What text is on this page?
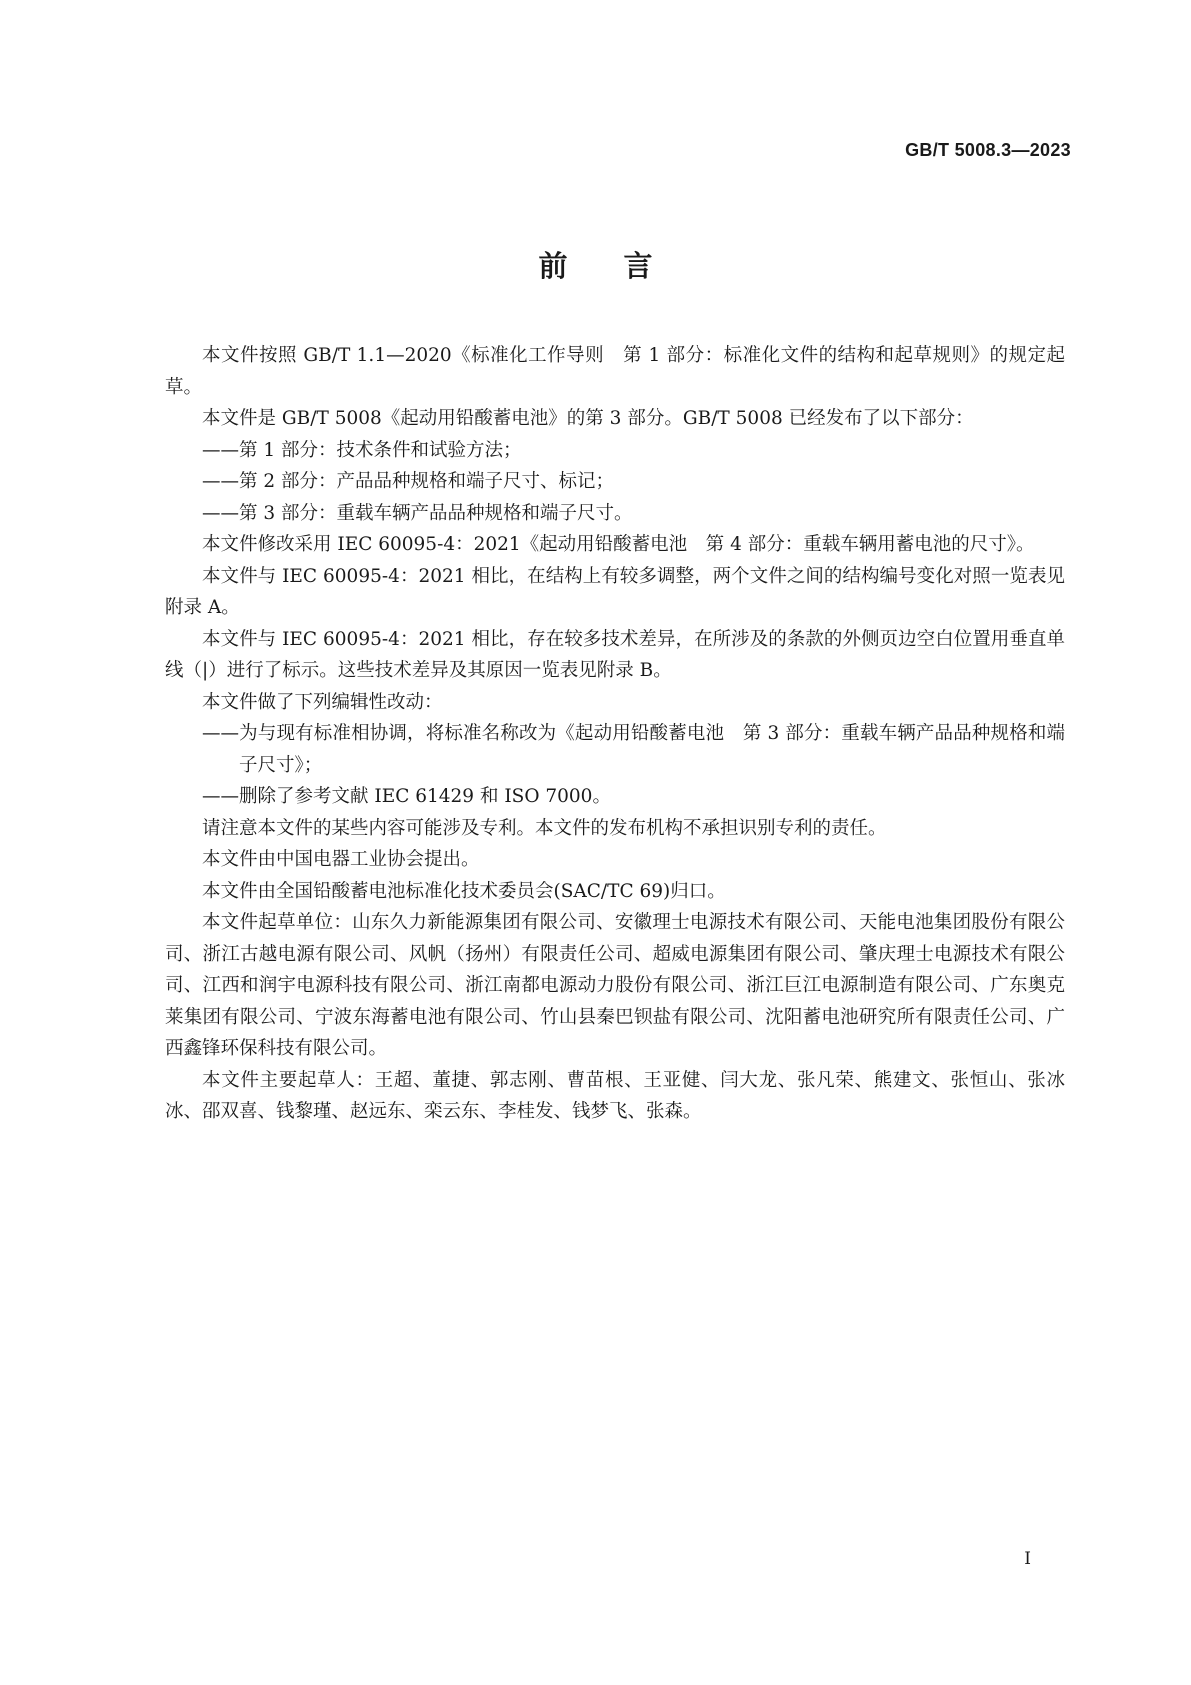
GB/T 5008.3—2023
前言

本文件按照 GB/T 1.1—2020《标准化工作导则　第 1 部分：标准化文件的结构和起草规则》的规定起草。

本文件是 GB/T 5008《起动用铅酸蓄电池》的第 3 部分。GB/T 5008 已经发布了以下部分：

——第 1 部分：技术条件和试验方法；

——第 2 部分：产品品种规格和端子尺寸、标记；

——第 3 部分：重载车辆产品品种规格和端子尺寸。

本文件修改采用 IEC 60095-4：2021《起动用铅酸蓄电池　第 4 部分：重载车辆用蓄电池的尺寸》。

本文件与 IEC 60095-4：2021 相比，在结构上有较多调整，两个文件之间的结构编号变化对照一览表见附录 A。

本文件与 IEC 60095-4：2021 相比，存在较多技术差异，在所涉及的条款的外侧页边空白位置用垂直单线（|）进行了标示。这些技术差异及其原因一览表见附录 B。

本文件做了下列编辑性改动：

——为与现有标准相协调，将标准名称改为《起动用铅酸蓄电池　第 3 部分：重载车辆产品品种规格和端子尺寸》；

——删除了参考文献 IEC 61429 和 ISO 7000。

请注意本文件的某些内容可能涉及专利。本文件的发布机构不承担识别专利的责任。

本文件由中国电器工业协会提出。

本文件由全国铅酸蓄电池标准化技术委员会(SAC/TC 69)归口。

本文件起草单位：山东久力新能源集团有限公司、安徽理士电源技术有限公司、天能电池集团股份有限公司、浙江古越电源有限公司、风帆（扬州）有限责任公司、超威电源集团有限公司、肇庆理士电源技术有限公司、江西和润宇电源科技有限公司、浙江南都电源动力股份有限公司、浙江巨江电源制造有限公司、广东奥克莱集团有限公司、宁波东海蓄电池有限公司、竹山县秦巴钡盐有限公司、沈阳蓄电池研究所有限责任公司、广西鑫锋环保科技有限公司。

本文件主要起草人：王超、董捷、郭志刚、曹苗根、王亚健、闫大龙、张凡荣、熊建文、张恒山、张冰冰、邵双喜、钱黎瑾、赵远东、栾云东、李桂发、钱梦飞、张森。

I
